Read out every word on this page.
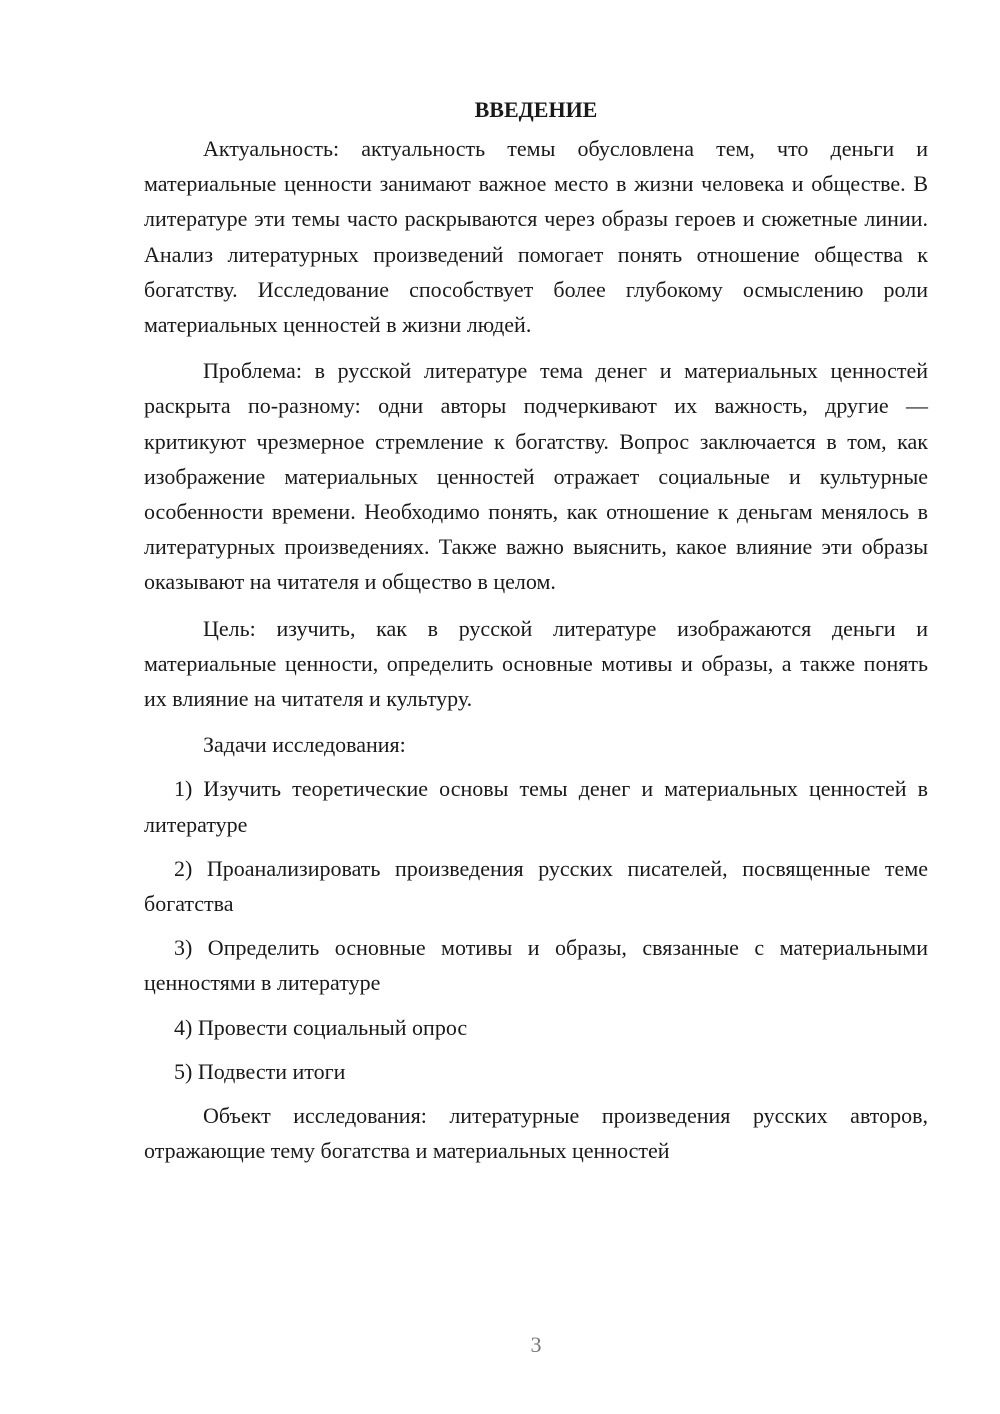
ВВЕДЕНИЕ

Актуальность: актуальность темы обусловлена тем, что деньги и материальные ценности занимают важное место в жизни человека и обществе. В литературе эти темы часто раскрываются через образы героев и сюжетные линии. Анализ литературных произведений помогает понять отношение общества к богатству. Исследование способствует более глубокому осмыслению роли материальных ценностей в жизни людей.

Проблема: в русской литературе тема денег и материальных ценностей раскрыта по-разному: одни авторы подчеркивают их важность, другие — критикуют чрезмерное стремление к богатству. Вопрос заключается в том, как изображение материальных ценностей отражает социальные и культурные особенности времени. Необходимо понять, как отношение к деньгам менялось в литературных произведениях. Также важно выяснить, какое влияние эти образы оказывают на читателя и общество в целом.

Цель: изучить, как в русской литературе изображаются деньги и материальные ценности, определить основные мотивы и образы, а также понять их влияние на читателя и культуру.

Задачи исследования:

1) Изучить теоретические основы темы денег и материальных ценностей в литературе

2) Проанализировать произведения русских писателей, посвященные теме богатства

3) Определить основные мотивы и образы, связанные с материальными ценностями в литературе

4) Провести социальный опрос

5) Подвести итоги

Объект исследования: литературные произведения русских авторов, отражающие тему богатства и материальных ценностей

3
